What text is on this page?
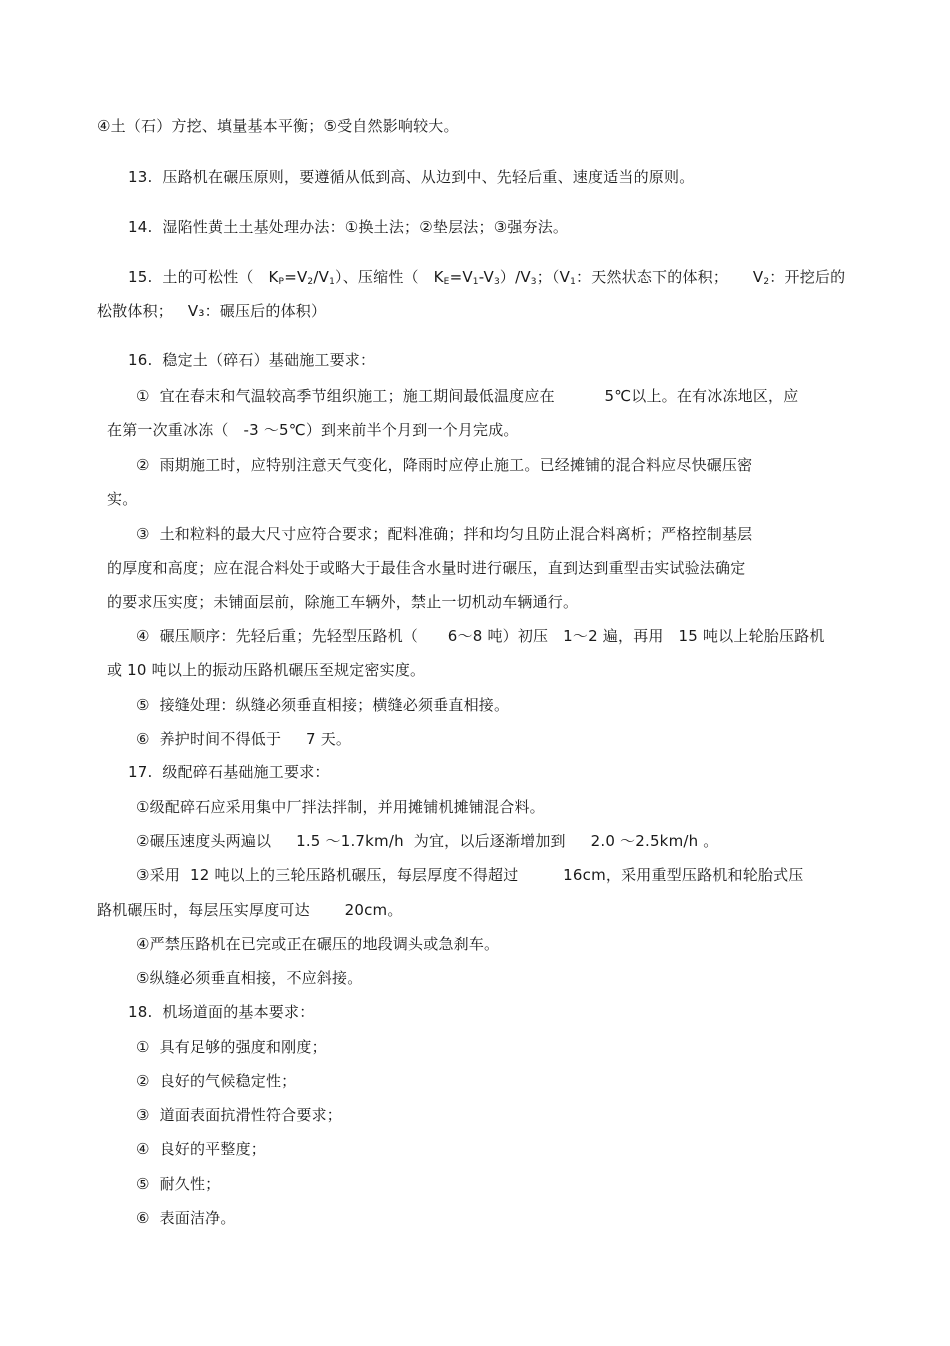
④土（石）方挖、填量基本平衡；⑤受自然影响较大。
13.  压路机在碾压原则，要遵循从低到高、从边到中、先轻后重、速度适当的原则。
14.  湿陷性黄土土基处理办法：①换土法；②垫层法；③强夯法。
15.  土的可松性（   $K_P=V_2/V_1$）、压缩性（   $K_E=V_1-V_3)/V_3$；（$V_1$：天然状态下的体积；     $V_2$：开挖后的
松散体积；   V₃：碾压后的体积）
16.  稳定土（碎石）基础施工要求：
①  宜在春末和气温较高季节组织施工；施工期间最低温度应在          5℃以上。在有冰冻地区，应
在第一次重冰冻（   -3 ～5℃）到来前半个月到一个月完成。
②  雨期施工时，应特别注意天气变化，降雨时应停止施工。已经摊铺的混合料应尽快碾压密
实。
③  土和粒料的最大尺寸应符合要求；配料准确；拌和均匀且防止混合料离析；严格控制基层
的厚度和高度；应在混合料处于或略大于最佳含水量时进行碾压，直到达到重型击实试验法确定
的要求压实度；未铺面层前，除施工车辆外，禁止一切机动车辆通行。
④  碾压顺序：先轻后重；先轻型压路机（      6～8 吨）初压   1～2 遍，再用   15 吨以上轮胎压路机
或 10 吨以上的振动压路机碾压至规定密实度。
⑤  接缝处理：纵缝必须垂直相接；横缝必须垂直相接。
⑥  养护时间不得低于     7 天。
17.  级配碎石基础施工要求：
①级配碎石应采用集中厂拌法拌制，并用摊铺机摊铺混合料。
②碾压速度头两遍以     1.5 ～1.7km/h  为宜，以后逐渐增加到     2.0 ～2.5km/h 。
③采用  12 吨以上的三轮压路机碾压，每层厚度不得超过         16cm，采用重型压路机和轮胎式压
路机碾压时，每层压实厚度可达       20cm。
④严禁压路机在已完或正在碾压的地段调头或急刹车。
⑤纵缝必须垂直相接，不应斜接。
18.  机场道面的基本要求：
①  具有足够的强度和刚度；
②  良好的气候稳定性；
③  道面表面抗滑性符合要求；
④  良好的平整度；
⑤  耐久性；
⑥  表面洁净。
